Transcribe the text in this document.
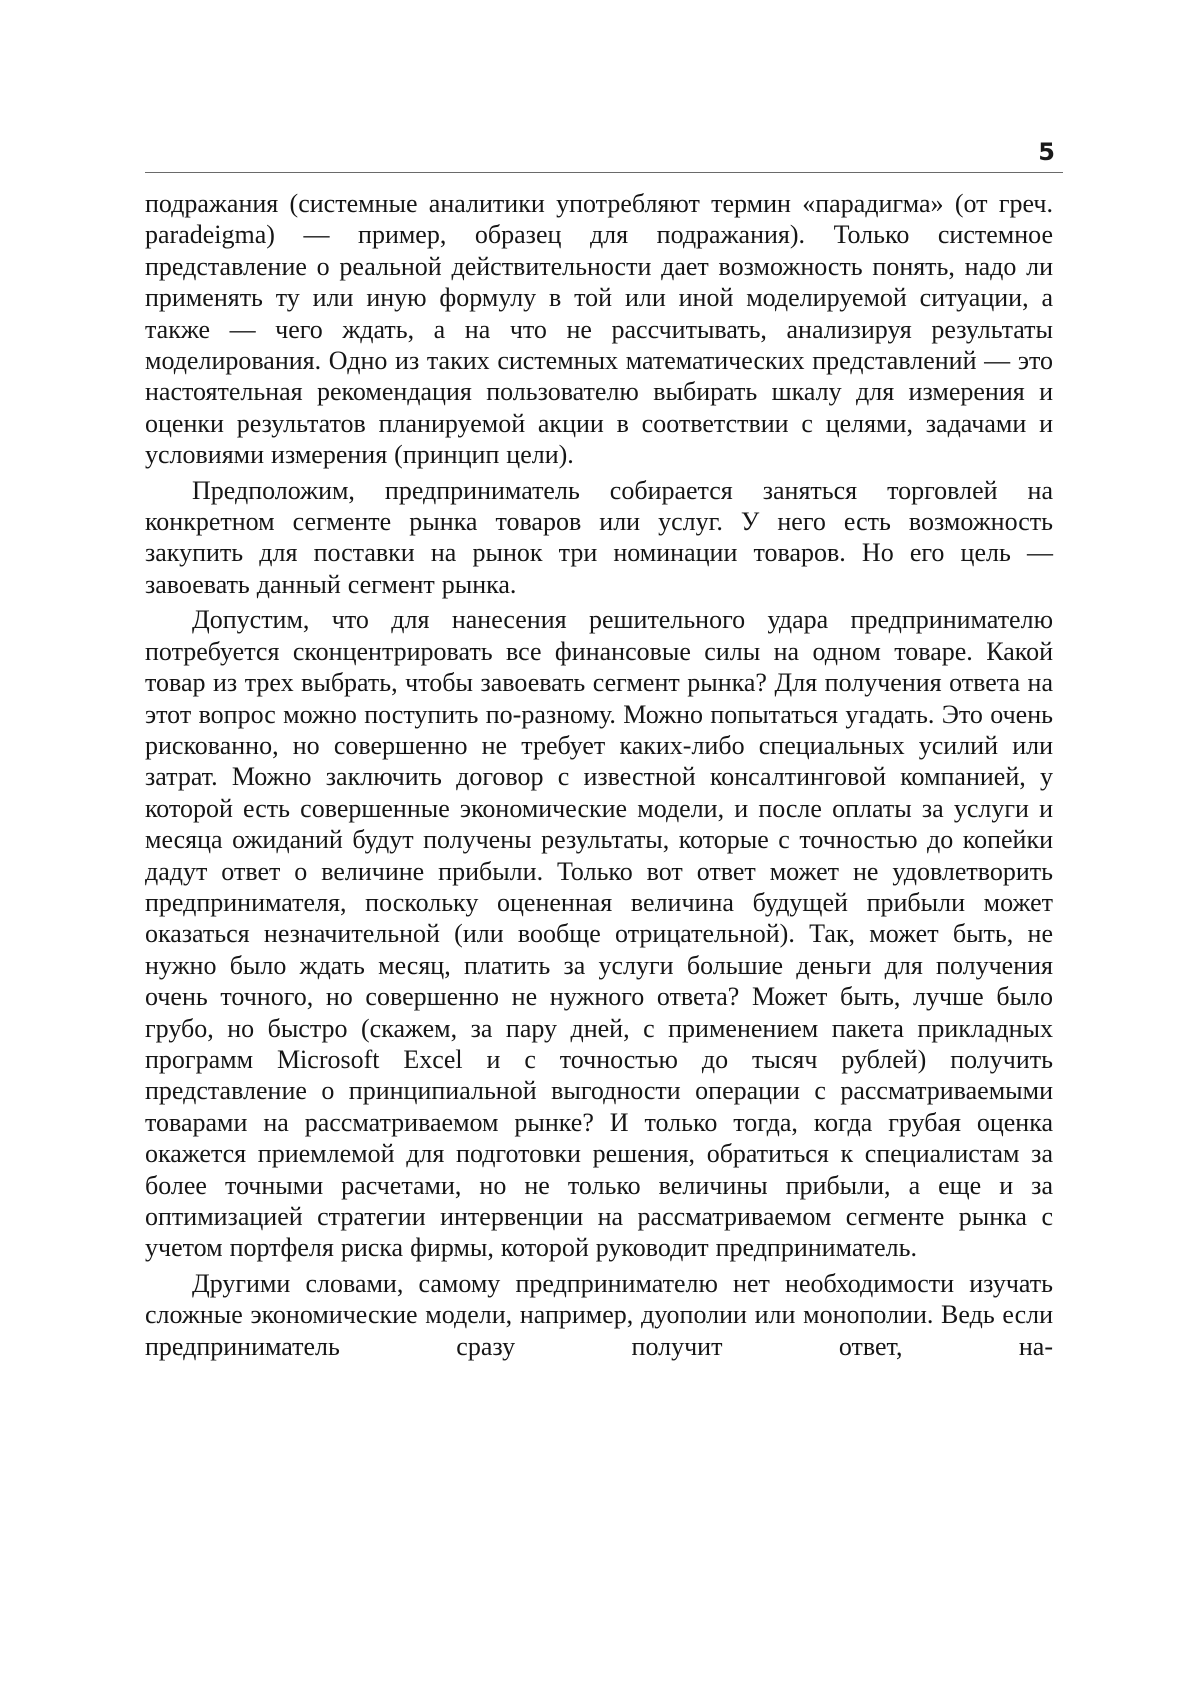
5

подражания (системные аналитики употребляют термин «парадигма» (от греч. paradeigma) — пример, образец для подражания). Только системное представление о реальной действительности дает возможность понять, надо ли применять ту или иную формулу в той или иной моделируемой ситуации, а также — чего ждать, а на что не рассчитывать, анализируя результаты моделирования. Одно из таких системных математических представлений — это настоятельная рекомендация пользователю выбирать шкалу для измерения и оценки результатов планируемой акции в соответствии с целями, задачами и условиями измерения (принцип цели).

Предположим, предприниматель собирается заняться торговлей на конкретном сегменте рынка товаров или услуг. У него есть возможность закупить для поставки на рынок три номинации товаров. Но его цель — завоевать данный сегмент рынка.

Допустим, что для нанесения решительного удара предпринимателю потребуется сконцентрировать все финансовые силы на одном товаре. Какой товар из трех выбрать, чтобы завоевать сегмент рынка? Для получения ответа на этот вопрос можно поступить по-разному. Можно попытаться угадать. Это очень рискованно, но совершенно не требует каких-либо специальных усилий или затрат. Можно заключить договор с известной консалтинговой компанией, у которой есть совершенные экономические модели, и после оплаты за услуги и месяца ожиданий будут получены результаты, которые с точностью до копейки дадут ответ о величине прибыли. Только вот ответ может не удовлетворить предпринимателя, поскольку оцененная величина будущей прибыли может оказаться незначительной (или вообще отрицательной). Так, может быть, не нужно было ждать месяц, платить за услуги большие деньги для получения очень точного, но совершенно не нужного ответа? Может быть, лучше было грубо, но быстро (скажем, за пару дней, с применением пакета прикладных программ Microsoft Excel и с точностью до тысяч рублей) получить представление о принципиальной выгодности операции с рассматриваемыми товарами на рассматриваемом рынке? И только тогда, когда грубая оценка окажется приемлемой для подготовки решения, обратиться к специалистам за более точными расчетами, но не только величины прибыли, а еще и за оптимизацией стратегии интервенции на рассматриваемом сегменте рынка с учетом портфеля риска фирмы, которой руководит предприниматель.

Другими словами, самому предпринимателю нет необходимости изучать сложные экономические модели, например, дуополии или монополии. Ведь если предприниматель сразу получит ответ, на-
